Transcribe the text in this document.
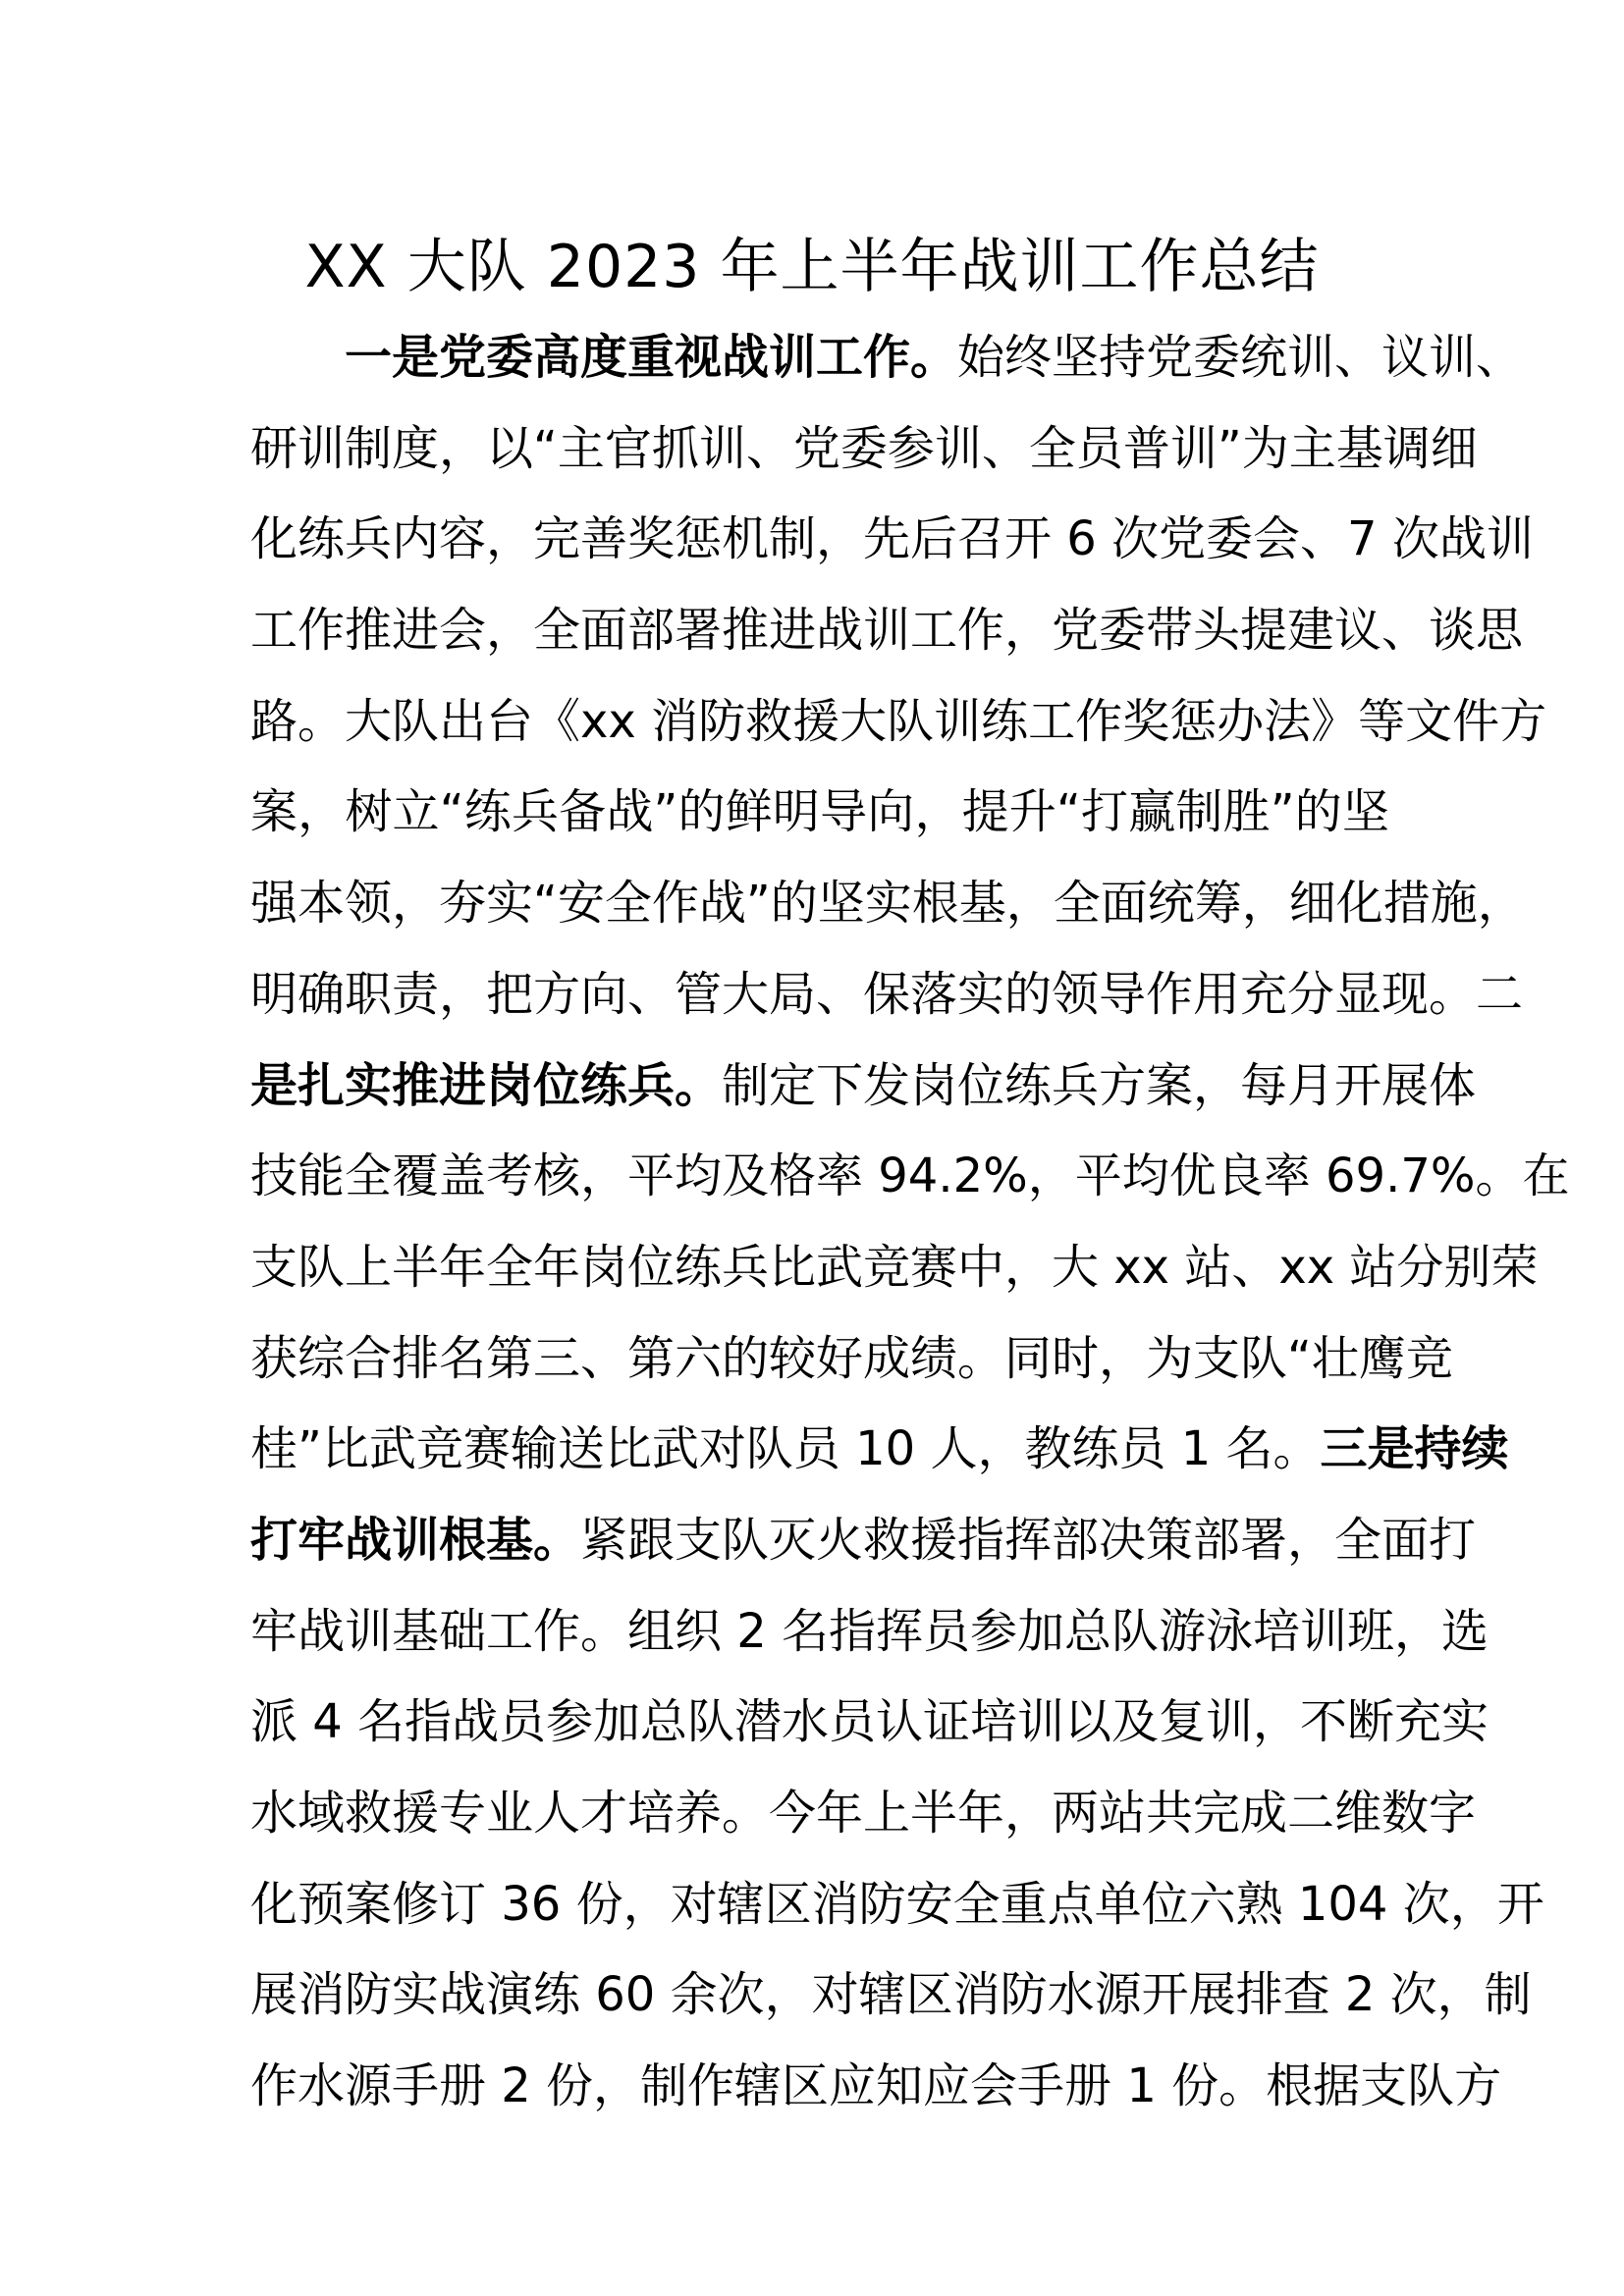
XX 大队 2023 年上半年战训工作总结
一是党委高度重视战训工作。始终坚持党委统训、议训、
研训制度，以“主官抓训、党委参训、全员普训”为主基调细
化练兵内容，完善奖惩机制，先后召开 6 次党委会、7 次战训
工作推进会，全面部署推进战训工作，党委带头提建议、谈思
路。大队出台《xx 消防救援大队训练工作奖惩办法》等文件方
案，树立“练兵备战”的鲜明导向，提升“打赢制胜”的坚
强本领，夯实“安全作战”的坚实根基，全面统筹，细化措施，
明确职责，把方向、管大局、保落实的领导作用充分显现。二
是扎实推进岗位练兵。制定下发岗位练兵方案，每月开展体
技能全覆盖考核，平均及格率 94.2%，平均优良率 69.7%。在
支队上半年全年岗位练兵比武竞赛中，大 xx 站、xx 站分别荣
获综合排名第三、第六的较好成绩。同时，为支队“壮鹰竞
桂”比武竞赛输送比武对队员 10 人，教练员 1 名。三是持续
打牢战训根基。紧跟支队灭火救援指挥部决策部署，全面打
牢战训基础工作。组织 2 名指挥员参加总队游泳培训班，选
派 4 名指战员参加总队潜水员认证培训以及复训，不断充实
水域救援专业人才培养。今年上半年，两站共完成二维数字
化预案修订 36 份，对辖区消防安全重点单位六熟 104 次，开
展消防实战演练 60 余次，对辖区消防水源开展排查 2 次，制
作水源手册 2 份，制作辖区应知应会手册 1 份。根据支队方
